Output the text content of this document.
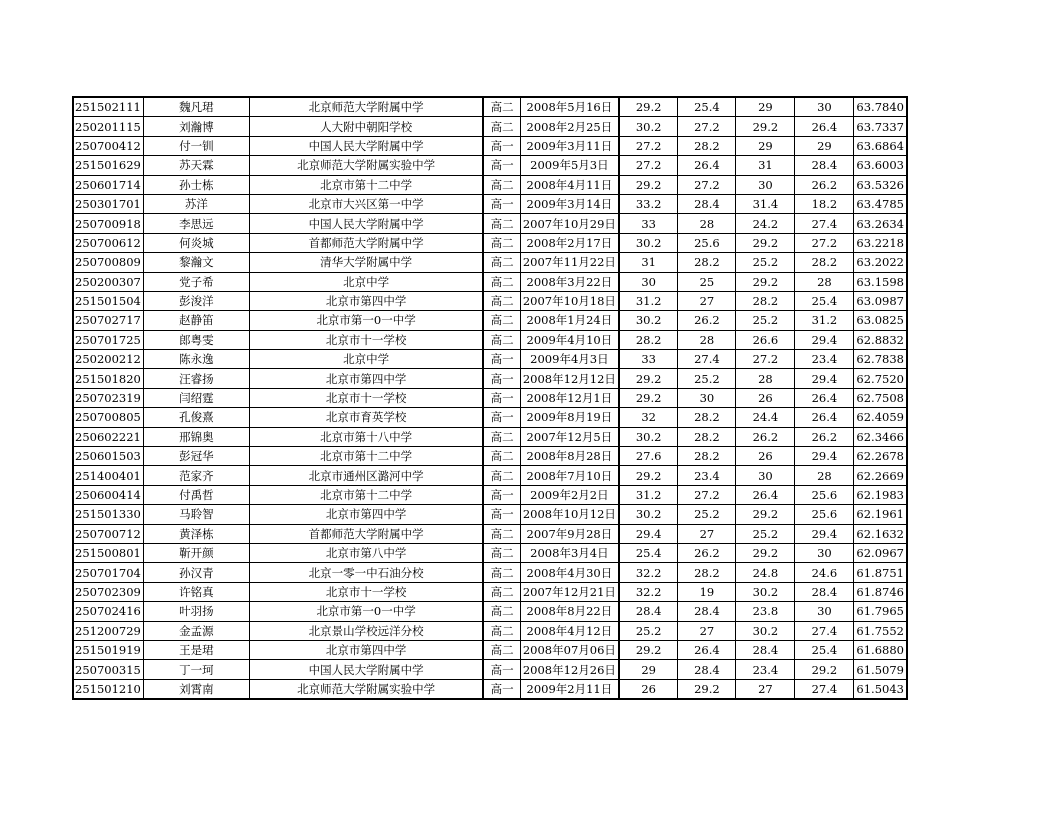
251502111	魏凡珺	北京师范大学附属中学	高二	2008年5月16日	29.2	25.4	29	30	63.7840
250201115	刘瀚博	人大附中朝阳学校	高二	2008年2月25日	30.2	27.2	29.2	26.4	63.7337
250700412	付一钏	中国人民大学附属中学	高一	2009年3月11日	27.2	28.2	29	29	63.6864
251501629	苏天霖	北京师范大学附属实验中学	高一	2009年5月3日	27.2	26.4	31	28.4	63.6003
250601714	孙士栋	北京市第十二中学	高二	2008年4月11日	29.2	27.2	30	26.2	63.5326
250301701	苏洋	北京市大兴区第一中学	高一	2009年3月14日	33.2	28.4	31.4	18.2	63.4785
250700918	李思远	中国人民大学附属中学	高二	2007年10月29日	33	28	24.2	27.4	63.2634
250700612	何炎城	首都师范大学附属中学	高二	2008年2月17日	30.2	25.6	29.2	27.2	63.2218
250700809	黎瀚文	清华大学附属中学	高二	2007年11月22日	31	28.2	25.2	28.2	63.2022
250200307	党子希	北京中学	高二	2008年3月22日	30	25	29.2	28	63.1598
251501504	彭浚洋	北京市第四中学	高二	2007年10月18日	31.2	27	28.2	25.4	63.0987
250702717	赵静笛	北京市第一0一中学	高二	2008年1月24日	30.2	26.2	25.2	31.2	63.0825
250701725	郎粤雯	北京市十一学校	高二	2009年4月10日	28.2	28	26.6	29.4	62.8832
250200212	陈永逸	北京中学	高一	2009年4月3日	33	27.4	27.2	23.4	62.7838
251501820	汪睿扬	北京市第四中学	高一	2008年12月12日	29.2	25.2	28	29.4	62.7520
250702319	闫绍霆	北京市十一学校	高一	2008年12月1日	29.2	30	26	26.4	62.7508
250700805	孔俊熹	北京市育英学校	高一	2009年8月19日	32	28.2	24.4	26.4	62.4059
250602221	邢锦奥	北京市第十八中学	高二	2007年12月5日	30.2	28.2	26.2	26.2	62.3466
250601503	彭冠华	北京市第十二中学	高二	2008年8月28日	27.6	28.2	26	29.4	62.2678
251400401	范家齐	北京市通州区潞河中学	高二	2008年7月10日	29.2	23.4	30	28	62.2669
250600414	付禹哲	北京市第十二中学	高一	2009年2月2日	31.2	27.2	26.4	25.6	62.1983
251501330	马聆智	北京市第四中学	高一	2008年10月12日	30.2	25.2	29.2	25.6	62.1961
250700712	黄泽栋	首都师范大学附属中学	高二	2007年9月28日	29.4	27	25.2	29.4	62.1632
251500801	靳开颜	北京市第八中学	高二	2008年3月4日	25.4	26.2	29.2	30	62.0967
250701704	孙汉青	北京一零一中石油分校	高二	2008年4月30日	32.2	28.2	24.8	24.6	61.8751
250702309	许铭真	北京市十一学校	高二	2007年12月21日	32.2	19	30.2	28.4	61.8746
250702416	叶羽扬	北京市第一0一中学	高二	2008年8月22日	28.4	28.4	23.8	30	61.7965
251200729	金孟源	北京景山学校远洋分校	高二	2008年4月12日	25.2	27	30.2	27.4	61.7552
251501919	王是珺	北京市第四中学	高二	2008年07月06日	29.2	26.4	28.4	25.4	61.6880
250700315	丁一珂	中国人民大学附属中学	高一	2008年12月26日	29	28.4	23.4	29.2	61.5079
251501210	刘霄南	北京师范大学附属实验中学	高一	2009年2月11日	26	29.2	27	27.4	61.5043
